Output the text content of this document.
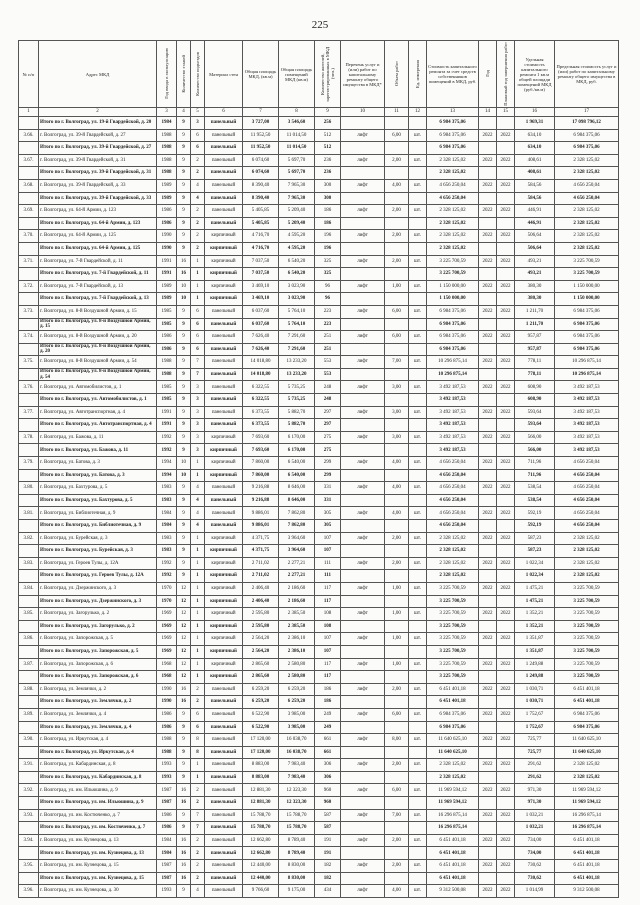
225
№ п/п	Адрес МКД	Год ввода в эксплуатацию	Количество этажей	Количество подъездов	Материал стен	Общая площадь МКД, (кв.м)	Общая площадь помещений МКД (кв.м)	Количество жителей, зарегистрированных в МКД (чел.)	Перечень услуг и (или) работ по капитальному ремонту общего имущества в МКД*	Объем работ	Ед. измерения	Стоимость капитального ремонта за счет средств собственников помещений в МКД, руб.	Год	Плановый год завершения работ	Удельная стоимость капитального ремонта 1 кв.м общей площади помещений МКД (руб./кв.м)	Предельная стоимость услуг и (или) работ по капитальному ремонту общего имущества в МКД, руб.
1	2	3	4	5	6	7	8	9	10	11	12	13	14	15	16	17
	Итого по г. Волгоград, ул. 19-й Гвардейской, д. 20	1984	9	3	панельный	3 727,00	3 546,60	256				6 984 375,06			1 969,31	17 098 796,12
3.66.	г. Волгоград, ул. 39-й Гвардейской, д. 27	1988	9	6	панельный	11 952,50	11 014,50	512	лифт	6,00	шт.	6 984 375,06	2022	2022	634,10	6 984 375,06
	Итого по г. Волгоград, ул. 39-й Гвардейской, д. 27	1988	9	6	панельный	11 952,50	11 014,50	512				6 984 375,06			634,10	6 984 375,06
3.67.	г. Волгоград, ул. 39-й Гвардейской, д. 31	1988	9	2	панельный	6 074,60	5 697,70	236	лифт	2,00	шт.	2 328 125,02	2022	2022	408,61	2 328 125,02
	Итого по г. Волгоград, ул. 39-й Гвардейской, д. 31	1988	9	2	панельный	6 074,60	5 697,70	236				2 328 125,02			408,61	2 328 125,02
3.68.	г. Волгоград, ул. 39-й Гвардейской, д. 33	1989	9	4	панельный	8 390,40	7 965,30	300	лифт	4,00	шт.	4 656 250,04	2022	2022	584,56	4 656 250,04
	Итого по г. Волгоград, ул. 39-й Гвардейской, д. 33	1989	9	4	панельный	8 390,40	7 965,30	300				4 656 250,04			584,56	4 656 250,04
3.69.	г. Волгоград, ул. 64-й Армии, д. 123	1986	9	2	панельный	5 405,85	5 209,40	186	лифт	2,00	шт.	2 328 125,02	2022	2022	446,91	2 328 125,02
	Итого по г. Волгоград, ул. 64-й Армии, д. 123	1986	9	2	панельный	5 405,85	5 209,40	186				2 328 125,02			446,91	2 328 125,02
3.70.	г. Волгоград, ул. 64-й Армии, д. 125	1990	9	2	кирпичный	4 716,70	4 595,20	196	лифт	2,00	шт.	2 328 125,02	2022	2022	506,64	2 328 125,02
	Итого по г. Волгоград, ул. 64-й Армии, д. 125	1990	9	2	кирпичный	4 716,70	4 595,20	196				2 328 125,02			506,64	2 328 125,02
3.71.	г. Волгоград, ул. 7-й Гвардейской, д. 11	1991	16	1	кирпичный	7 037,50	6 540,20	325	лифт	2,00	шт.	3 225 700,59	2022	2022	493,21	3 225 700,59
	Итого по г. Волгоград, ул. 7-й Гвардейской, д. 11	1991	16	1	кирпичный	7 037,50	6 540,20	325				3 225 700,59			493,21	3 225 700,59
3.72.	г. Волгоград, ул. 7-й Гвардейской, д. 13	1989	10	1	кирпичный	3 469,10	3 023,90	96	лифт	1,00	шт.	1 150 000,00	2022	2022	380,30	1 150 000,00
	Итого по г. Волгоград, ул. 7-й Гвардейской, д. 13	1989	10	1	кирпичный	3 469,10	3 023,90	96				1 150 000,00			380,30	1 150 000,00
3.73.	г. Волгоград, ул. 8-й Воздушной Армии, д. 15	1985	9	6	панельный	6 037,60	5 764,10	223	лифт	6,00	шт.	6 984 375,06	2022	2022	1 211,70	6 984 375,06
	Итого по г. Волгоград, ул. 8-й Воздушной Армии, д. 15	1985	9	6	панельный	6 037,60	5 764,10	223				6 984 375,06			1 211,70	6 984 375,06
3.74.	г. Волгоград, ул. 8-й Воздушной Армии, д. 20	1986	9	6	панельный	7 626,40	7 291,60	251	лифт	6,00	шт.	6 984 375,06	2022	2022	957,87	6 984 375,06
	Итого по г. Волгоград, ул. 8-й Воздушной Армии, д. 20	1986	9	6	панельный	7 626,40	7 291,60	251				6 984 375,06			957,87	6 984 375,06
3.75.	г. Волгоград, ул. 8-й Воздушной Армии, д. 54	1988	9	7	панельный	14 018,80	13 233,20	553	лифт	7,00	шт.	10 296 875,14	2022	2022	778,11	10 296 875,14
	Итого по г. Волгоград, ул. 8-й Воздушной Армии, д. 54	1988	9	7	панельный	14 018,80	13 233,20	553				10 296 875,14			778,11	10 296 875,14
3.76.	г. Волгоград, ул. Автомобилистов, д. 1	1985	9	3	панельный	6 322,55	5 735,25	248	лифт	3,00	шт.	3 492 187,53	2022	2022	608,90	3 492 187,53
	Итого по г. Волгоград, ул. Автомобилистов, д. 1	1985	9	3	панельный	6 322,55	5 735,25	248				3 492 187,53			608,90	3 492 187,53
3.77.	г. Волгоград, ул. Автотранспортная, д. 4	1991	9	3	панельный	6 373,55	5 882,70	297	лифт	3,00	шт.	3 492 187,53	2022	2022	593,64	3 492 187,53
	Итого по г. Волгоград, ул. Автотранспортная, д. 4	1991	9	3	панельный	6 373,55	5 882,70	297				3 492 187,53			593,64	3 492 187,53
3.78.	г. Волгоград, ул. Бажова, д. 11	1992	9	3	кирпичный	7 693,60	6 170,00	275	лифт	3,00	шт.	3 492 187,53	2022	2022	566,00	3 492 187,53
	Итого по г. Волгоград, ул. Бажова, д. 11	1992	9	3	кирпичный	7 693,60	6 170,00	275				3 492 187,53			566,00	3 492 187,53
3.79.	г. Волгоград, ул. Батова, д. 3	1994	10	1	кирпичный	7 860,00	6 540,00	299	лифт	4,00	шт.	4 656 250,04	2022	2022	711,96	4 656 250,04
	Итого по г. Волгоград, ул. Батова, д. 3	1994	10	1	кирпичный	7 860,00	6 540,00	299				4 656 250,04			711,96	4 656 250,04
3.80.	г. Волгоград, ул. Бахтурова, д. 5	1983	9	4	панельный	9 216,88	8 646,00	331	лифт	4,00	шт.	4 656 250,04	2022	2022	538,54	4 656 250,04
	Итого по г. Волгоград, ул. Бахтурова, д. 5	1983	9	4	панельный	9 216,88	8 646,00	331				4 656 250,04			538,54	4 656 250,04
3.81.	г. Волгоград, ул. Библиотечная, д. 9	1984	9	4	панельный	9 886,01	7 862,80	305	лифт	4,00	шт.	4 656 250,04	2022	2022	592,19	4 656 250,04
	Итого по г. Волгоград, ул. Библиотечная, д. 9	1984	9	4	панельный	9 886,01	7 862,80	305				4 656 250,04			592,19	4 656 250,04
3.82.	г. Волгоград, ул. Бурейская, д. 3	1983	9	1	кирпичный	4 371,75	3 964,60	107	лифт	2,00	шт.	2 328 125,02	2022	2022	587,23	2 328 125,02
	Итого по г. Волгоград, ул. Бурейская, д. 3	1983	9	1	кирпичный	4 371,75	3 964,60	107				2 328 125,02			587,23	2 328 125,02
3.83.	г. Волгоград, ул. Героев Тулы, д. 12А	1992	9	1	кирпичный	2 711,02	2 277,21	111	лифт	2,00	шт.	2 328 125,02	2022	2022	1 022,34	2 328 125,02
	Итого по г. Волгоград, ул. Героев Тулы, д. 12А	1992	9	1	кирпичный	2 711,02	2 277,21	111				2 328 125,02			1 022,34	2 328 125,02
3.84.	г. Волгоград, ул. Дзержинского, д. 3	1970	12	1	кирпичный	2 406,40	2 186,60	117	лифт	1,00	шт.	3 225 700,59	2022	2022	1 475,21	3 225 700,59
	Итого по г. Волгоград, ул. Дзержинского, д. 3	1970	12	1	кирпичный	2 406,40	2 186,60	117				3 225 700,59			1 475,21	3 225 700,59
3.85.	г. Волгоград, ул. Загорулько, д. 2	1969	12	1	кирпичный	2 595,80	2 385,50	108	лифт	1,00	шт.	3 225 700,59	2022	2022	1 352,21	3 225 700,59
	Итого по г. Волгоград, ул. Загорулько, д. 2	1969	12	1	кирпичный	2 595,80	2 385,50	108				3 225 700,59			1 352,21	3 225 700,59
3.86.	г. Волгоград, ул. Запорожская, д. 5	1969	12	1	кирпичный	2 564,20	2 386,10	107	лифт	1,00	шт.	3 225 700,59	2022	2022	1 351,87	3 225 700,59
	Итого по г. Волгоград, ул. Запорожская, д. 5	1969	12	1	кирпичный	2 564,20	2 386,10	107				3 225 700,59			1 351,87	3 225 700,59
3.87.	г. Волгоград, ул. Запорожская, д. 6	1968	12	1	кирпичный	2 865,60	2 580,80	117	лифт	1,00	шт.	3 225 700,59	2022	2022	1 249,88	3 225 700,59
	Итого по г. Волгоград, ул. Запорожская, д. 6	1968	12	1	кирпичный	2 865,60	2 580,80	117				3 225 700,59			1 249,88	3 225 700,59
3.88.	г. Волгоград, ул. Землячки, д. 2	1990	16	2	панельный	6 259,20	6 259,20	186	лифт	2,00	шт.	6 451 401,18	2022	2022	1 030,71	6 451 401,18
	Итого по г. Волгоград, ул. Землячки, д. 2	1990	16	2	панельный	6 259,20	6 259,20	186				6 451 401,18			1 030,71	6 451 401,18
3.89.	г. Волгоград, ул. Землячки, д. 4	1986	9	6	панельный	6 522,90	3 985,00	249	лифт	6,00	шт.	6 984 375,06	2022	2022	1 752,67	6 984 375,06
	Итого по г. Волгоград, ул. Землячки, д. 4	1986	9	6	панельный	6 522,90	3 985,00	249				6 984 375,06			1 752,67	6 984 375,06
3.90.	г. Волгоград, ул. Иркутская, д. 4	1988	9	8	панельный	17 120,00	16 038,70	661	лифт	8,00	шт.	11 640 625,10	2022	2022	725,77	11 640 625,10
	Итого по г. Волгоград, ул. Иркутская, д. 4	1988	9	8	панельный	17 120,00	16 038,70	661				11 640 625,10			725,77	11 640 625,10
3.91.	г. Волгоград, ул. Кабардинская, д. 8	1993	9	1	панельный	8 883,00	7 983,40	306	лифт	2,00	шт.	2 328 125,02	2022	2022	291,62	2 328 125,02
	Итого по г. Волгоград, ул. Кабардинская, д. 8	1993	9	1	панельный	8 883,00	7 983,40	306				2 328 125,02			291,62	2 328 125,02
3.92.	г. Волгоград, ул. им. Ильюшина, д. 9	1987	16	2	панельный	12 881,30	12 323,30	960	лифт	6,00	шт.	11 969 594,12	2022	2022	971,30	11 969 594,12
	Итого по г. Волгоград, ул. им. Ильюшина, д. 9	1987	16	2	панельный	12 881,30	12 323,30	960				11 969 594,12			971,30	11 969 594,12
3.93.	г. Волгоград, ул. им. Костюченко, д. 7	1986	9	7	панельный	15 788,70	15 788,70	587	лифт	7,00	шт.	16 296 875,14	2022	2022	1 032,21	16 296 875,14
	Итого по г. Волгоград, ул. им. Костюченко, д. 7	1986	9	7	панельный	15 788,70	15 788,70	587				16 296 875,14			1 032,21	16 296 875,14
3.94.	г. Волгоград, ул. им. Кузнецова, д. 13	1984	16	2	панельный	12 662,80	8 789,40	191	лифт	2,00	шт.	6 451 401,18	2022	2022	734,00	6 451 401,18
	Итого по г. Волгоград, ул. им. Кузнецова, д. 13	1984	16	2	панельный	12 662,80	8 789,40	191				6 451 401,18			734,00	6 451 401,18
3.95.	г. Волгоград, ул. им. Кузнецова, д. 15	1987	16	2	панельный	12 440,00	8 830,00	182	лифт	2,00	шт.	6 451 401,18	2022	2022	730,62	6 451 401,18
	Итого по г. Волгоград, ул. им. Кузнецова, д. 15	1987	16	2	панельный	12 440,00	8 830,00	182				6 451 401,18			730,62	6 451 401,18
3.96.	г. Волгоград, ул. им. Кузнецова, д. 30	1993	9	4	панельный	9 766,60	9 175,00	434	лифт	4,00	шт.	9 312 500,08	2022	2022	1 014,99	9 312 500,08
